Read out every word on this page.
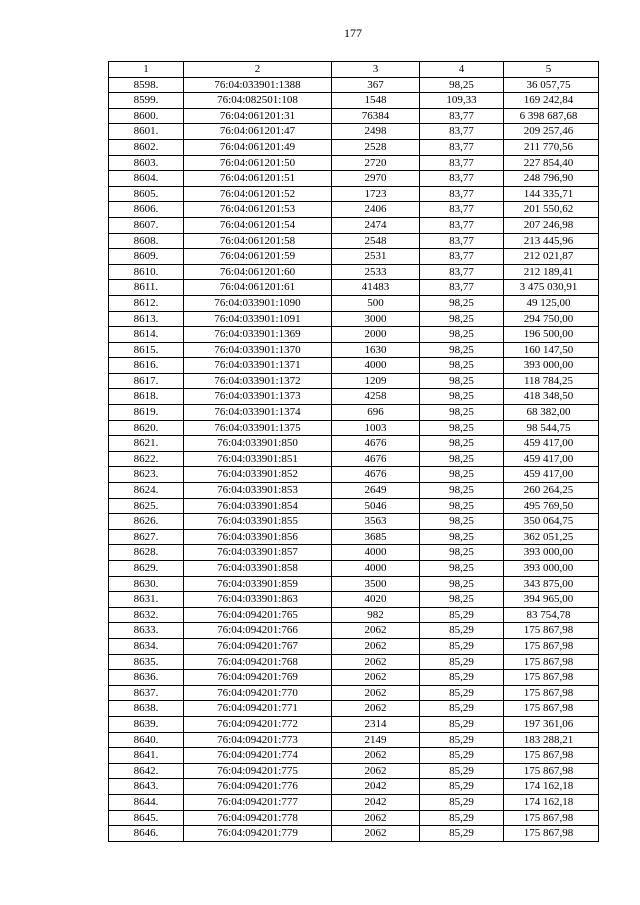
177
1	2	3	4	5
8598.	76:04:033901:1388	367	98,25	36 057,75
8599.	76:04:082501:108	1548	109,33	169 242,84
8600.	76:04:061201:31	76384	83,77	6 398 687,68
8601.	76:04:061201:47	2498	83,77	209 257,46
8602.	76:04:061201:49	2528	83,77	211 770,56
8603.	76:04:061201:50	2720	83,77	227 854,40
8604.	76:04:061201:51	2970	83,77	248 796,90
8605.	76:04:061201:52	1723	83,77	144 335,71
8606.	76:04:061201:53	2406	83,77	201 550,62
8607.	76:04:061201:54	2474	83,77	207 246,98
8608.	76:04:061201:58	2548	83,77	213 445,96
8609.	76:04:061201:59	2531	83,77	212 021,87
8610.	76:04:061201:60	2533	83,77	212 189,41
8611.	76:04:061201:61	41483	83,77	3 475 030,91
8612.	76:04:033901:1090	500	98,25	49 125,00
8613.	76:04:033901:1091	3000	98,25	294 750,00
8614.	76:04:033901:1369	2000	98,25	196 500,00
8615.	76:04:033901:1370	1630	98,25	160 147,50
8616.	76:04:033901:1371	4000	98,25	393 000,00
8617.	76:04:033901:1372	1209	98,25	118 784,25
8618.	76:04:033901:1373	4258	98,25	418 348,50
8619.	76:04:033901:1374	696	98,25	68 382,00
8620.	76:04:033901:1375	1003	98,25	98 544,75
8621.	76:04:033901:850	4676	98,25	459 417,00
8622.	76:04:033901:851	4676	98,25	459 417,00
8623.	76:04:033901:852	4676	98,25	459 417,00
8624.	76:04:033901:853	2649	98,25	260 264,25
8625.	76:04:033901:854	5046	98,25	495 769,50
8626.	76:04:033901:855	3563	98,25	350 064,75
8627.	76:04:033901:856	3685	98,25	362 051,25
8628.	76:04:033901:857	4000	98,25	393 000,00
8629.	76:04:033901:858	4000	98,25	393 000,00
8630.	76:04:033901:859	3500	98,25	343 875,00
8631.	76:04:033901:863	4020	98,25	394 965,00
8632.	76:04:094201:765	982	85,29	83 754,78
8633.	76:04:094201:766	2062	85,29	175 867,98
8634.	76:04:094201:767	2062	85,29	175 867,98
8635.	76:04:094201:768	2062	85,29	175 867,98
8636.	76:04:094201:769	2062	85,29	175 867,98
8637.	76:04:094201:770	2062	85,29	175 867,98
8638.	76:04:094201:771	2062	85,29	175 867,98
8639.	76:04:094201:772	2314	85,29	197 361,06
8640.	76:04:094201:773	2149	85,29	183 288,21
8641.	76:04:094201:774	2062	85,29	175 867,98
8642.	76:04:094201:775	2062	85,29	175 867,98
8643.	76:04:094201:776	2042	85,29	174 162,18
8644.	76:04:094201:777	2042	85,29	174 162,18
8645.	76:04:094201:778	2062	85,29	175 867,98
8646.	76:04:094201:779	2062	85,29	175 867,98
